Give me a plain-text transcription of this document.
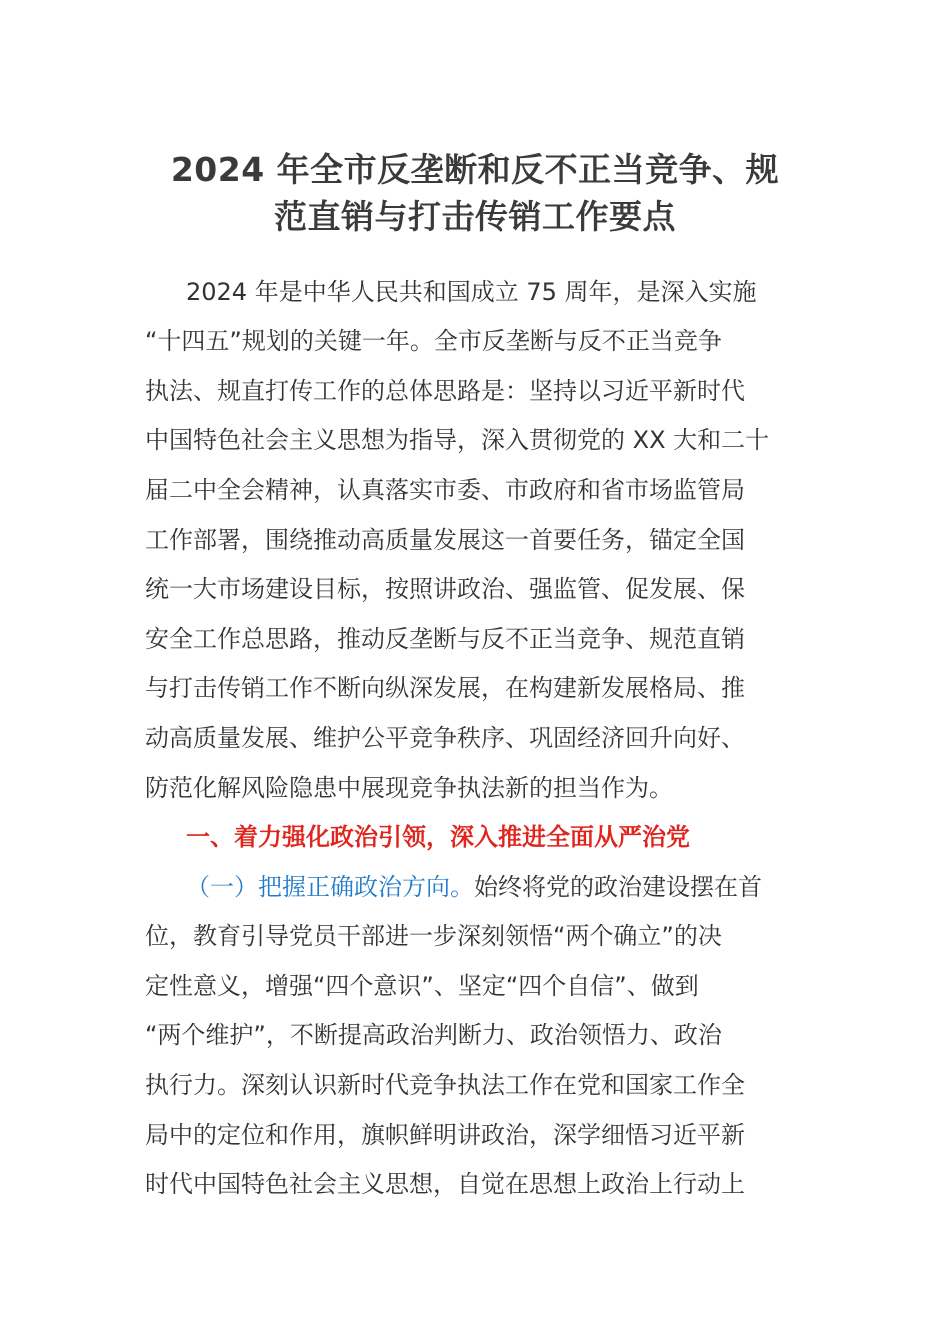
2024 年全市反垄断和反不正当竞争、规
范直销与打击传销工作要点
2024 年是中华人民共和国成立 75 周年，是深入实施
“十四五”规划的关键一年。全市反垄断与反不正当竞争
执法、规直打传工作的总体思路是：坚持以习近平新时代
中国特色社会主义思想为指导，深入贯彻党的 XX 大和二十
届二中全会精神，认真落实市委、市政府和省市场监管局
工作部署，围绕推动高质量发展这一首要任务，锚定全国
统一大市场建设目标，按照讲政治、强监管、促发展、保
安全工作总思路，推动反垄断与反不正当竞争、规范直销
与打击传销工作不断向纵深发展，在构建新发展格局、推
动高质量发展、维护公平竞争秩序、巩固经济回升向好、
防范化解风险隐患中展现竞争执法新的担当作为。
一、着力强化政治引领，深入推进全面从严治党
（一）把握正确政治方向。始终将党的政治建设摆在首
位，教育引导党员干部进一步深刻领悟“两个确立”的决
定性意义，增强“四个意识”、坚定“四个自信”、做到
“两个维护”，不断提高政治判断力、政治领悟力、政治
执行力。深刻认识新时代竞争执法工作在党和国家工作全
局中的定位和作用，旗帜鲜明讲政治，深学细悟习近平新
时代中国特色社会主义思想，自觉在思想上政治上行动上
